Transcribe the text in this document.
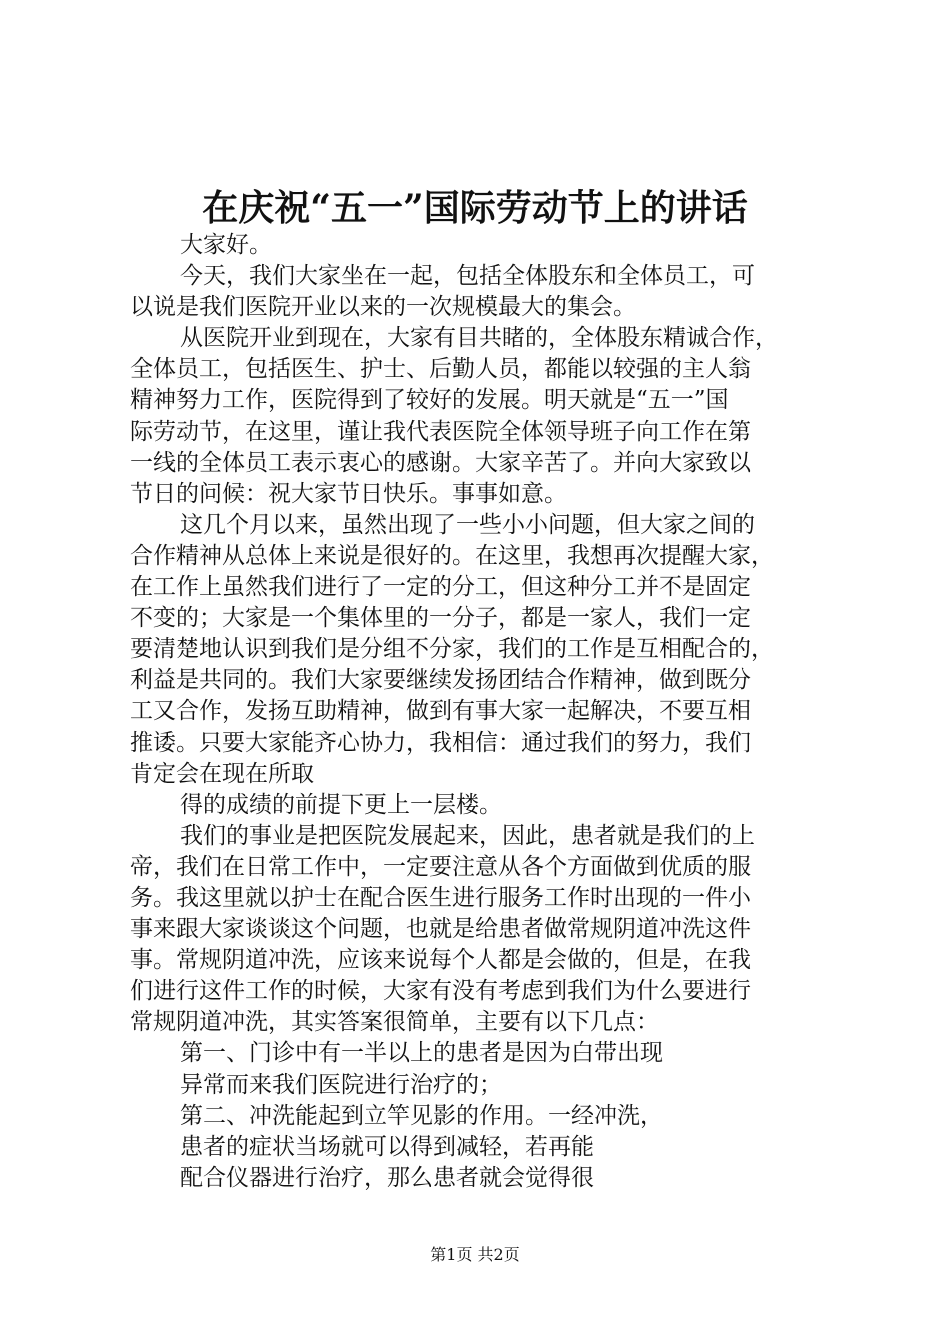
在庆祝“五一”国际劳动节上的讲话
大家好。
今天，我们大家坐在一起，包括全体股东和全体员工，可
以说是我们医院开业以来的一次规模最大的集会。
从医院开业到现在，大家有目共睹的，全体股东精诚合作，
全体员工，包括医生、护士、后勤人员，都能以较强的主人翁
精神努力工作，医院得到了较好的发展。明天就是“五一”国
际劳动节，在这里，谨让我代表医院全体领导班子向工作在第
一线的全体员工表示衷心的感谢。大家辛苦了。并向大家致以
节日的问候：祝大家节日快乐。事事如意。
这几个月以来，虽然出现了一些小小问题，但大家之间的
合作精神从总体上来说是很好的。在这里，我想再次提醒大家，
在工作上虽然我们进行了一定的分工，但这种分工并不是固定
不变的；大家是一个集体里的一分子，都是一家人，我们一定
要清楚地认识到我们是分组不分家，我们的工作是互相配合的，
利益是共同的。我们大家要继续发扬团结合作精神，做到既分
工又合作，发扬互助精神，做到有事大家一起解决，不要互相
推诿。只要大家能齐心协力，我相信：通过我们的努力，我们
肯定会在现在所取
得的成绩的前提下更上一层楼。
我们的事业是把医院发展起来，因此，患者就是我们的上
帝，我们在日常工作中，一定要注意从各个方面做到优质的服
务。我这里就以护士在配合医生进行服务工作时出现的一件小
事来跟大家谈谈这个问题，也就是给患者做常规阴道冲洗这件
事。常规阴道冲洗，应该来说每个人都是会做的，但是，在我
们进行这件工作的时候，大家有没有考虑到我们为什么要进行
常规阴道冲洗，其实答案很简单，主要有以下几点：
第一、门诊中有一半以上的患者是因为白带出现
异常而来我们医院进行治疗的；
第二、冲洗能起到立竿见影的作用。一经冲洗，
患者的症状当场就可以得到减轻，若再能
配合仪器进行治疗，那么患者就会觉得很
第1页 共2页
